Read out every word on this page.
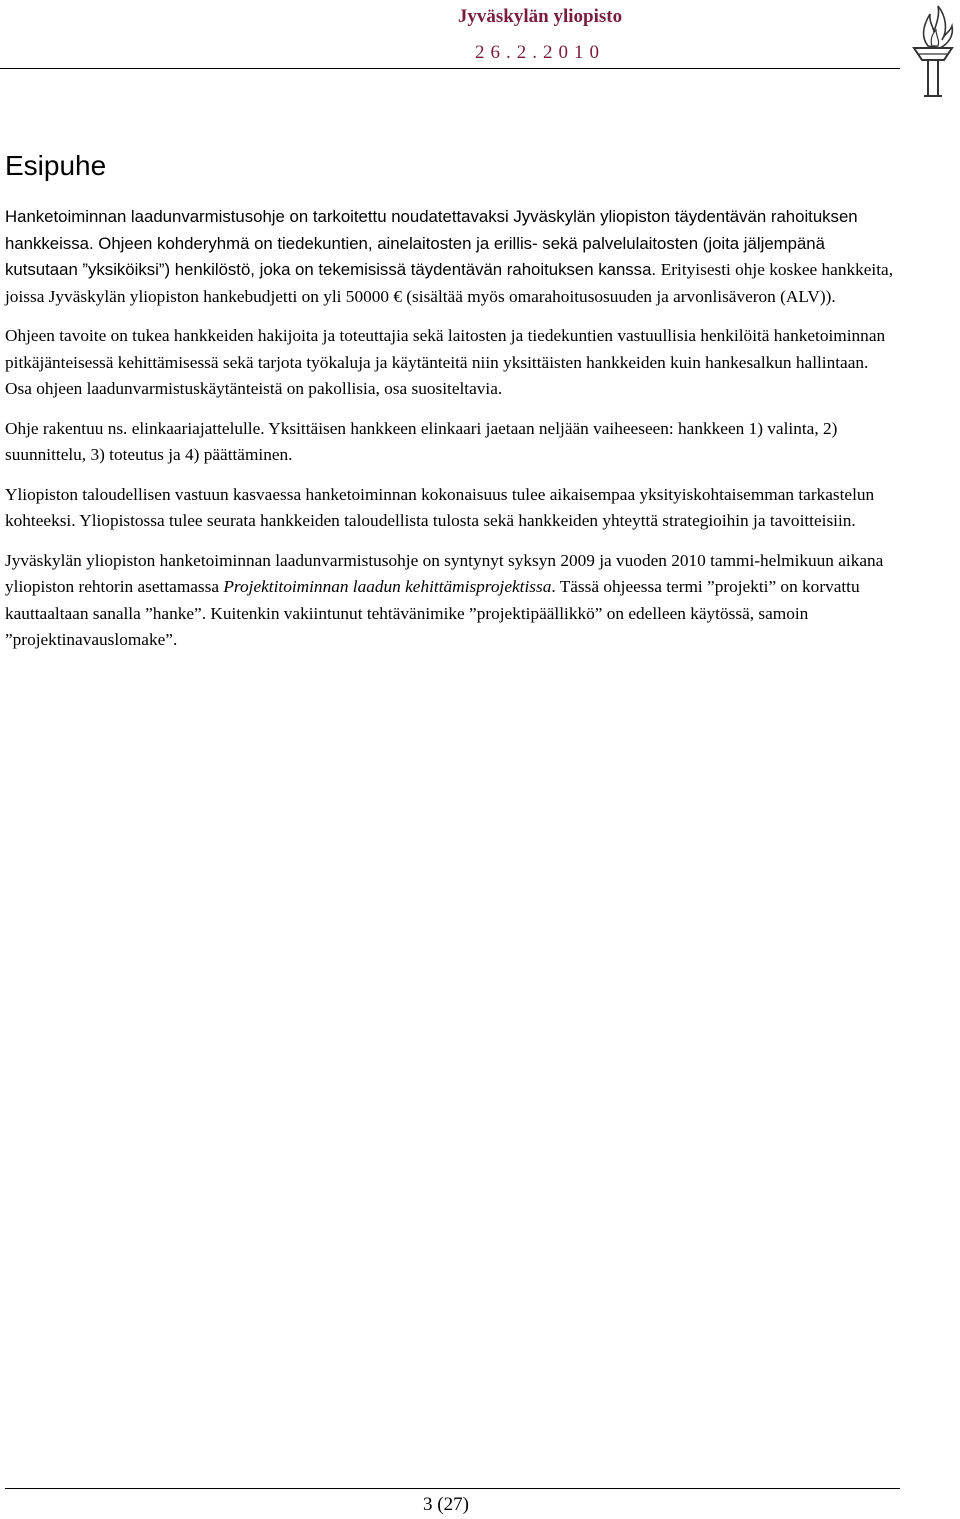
Jyväskylän yliopisto
26.2.2010
Esipuhe

Hanketoiminnan laadunvarmistusohje on tarkoitettu noudatettavaksi Jyväskylän yliopiston täydentävän rahoituksen hankkeissa. Ohjeen kohderyhmä on tiedekuntien, ainelaitosten ja erillis- sekä palvelulaitosten (joita jäljempänä kutsutaan ”yksiköiksi”) henkilöstö, joka on tekemisissä täydentävän rahoituksen kanssa. Erityisesti ohje koskee hankkeita, joissa Jyväskylän yliopiston hankebudjetti on yli 50000 € (sisältää myös omarahoitusosuuden ja arvonlisäveron (ALV)).

Ohjeen tavoite on tukea hankkeiden hakijoita ja toteuttajia sekä laitosten ja tiedekuntien vastuullisia henkilöitä hanketoiminnan pitkäjänteisessä kehittämisessä sekä tarjota työkaluja ja käytänteitä niin yksittäisten hankkeiden kuin hankesalkun hallintaan. Osa ohjeen laadunvarmistuskäytänteistä on pakollisia, osa suositeltavia.

Ohje rakentuu ns. elinkaariajattelulle. Yksittäisen hankkeen elinkaari jaetaan neljään vaiheeseen: hankkeen 1) valinta, 2) suunnittelu, 3) toteutus ja 4) päättäminen.

Yliopiston taloudellisen vastuun kasvaessa hanketoiminnan kokonaisuus tulee aikaisempaa yksityiskohtaisemman tarkastelun kohteeksi. Yliopistossa tulee seurata hankkeiden taloudellista tulosta sekä hankkeiden yhteyttä strategioihin ja tavoitteisiin.

Jyväskylän yliopiston hanketoiminnan laadunvarmistusohje on syntynyt syksyn 2009 ja vuoden 2010 tammi-helmikuun aikana yliopiston rehtorin asettamassa Projektitoiminnan laadun kehittämisprojektissa. Tässä ohjeessa termi ”projekti” on korvattu kauttaaltaan sanalla ”hanke”. Kuitenkin vakiintunut tehtävänimike ”projektipäällikkö” on edelleen käytössä, samoin ”projektinavauslomake”.

3 (27)
